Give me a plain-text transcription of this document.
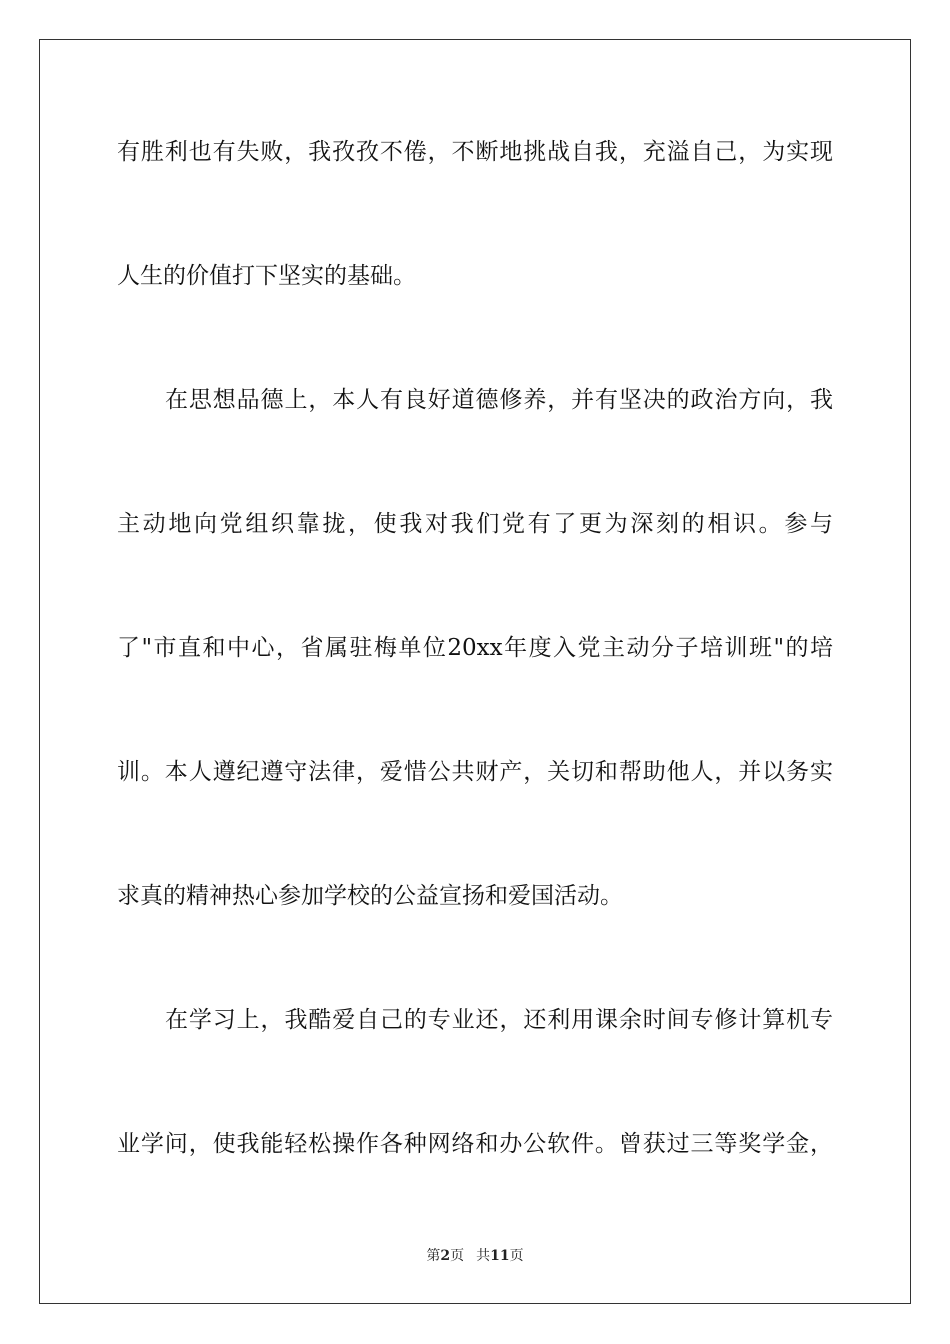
有胜利也有失败，我孜孜不倦，不断地挑战自我，充溢自己，为实现
人生的价值打下坚实的基础。
在思想品德上，本人有良好道德修养，并有坚决的政治方向，我
主动地向党组织靠拢，使我对我们党有了更为深刻的相识。参与
了"市直和中心，省属驻梅单位20xx年度入党主动分子培训班"的培
训。本人遵纪遵守法律，爱惜公共财产，关切和帮助他人，并以务实
求真的精神热心参加学校的公益宣扬和爱国活动。
在学习上，我酷爱自己的专业还，还利用课余时间专修计算机专
业学问，使我能轻松操作各种网络和办公软件。曾获过三等奖学金，
第2页 共11页
